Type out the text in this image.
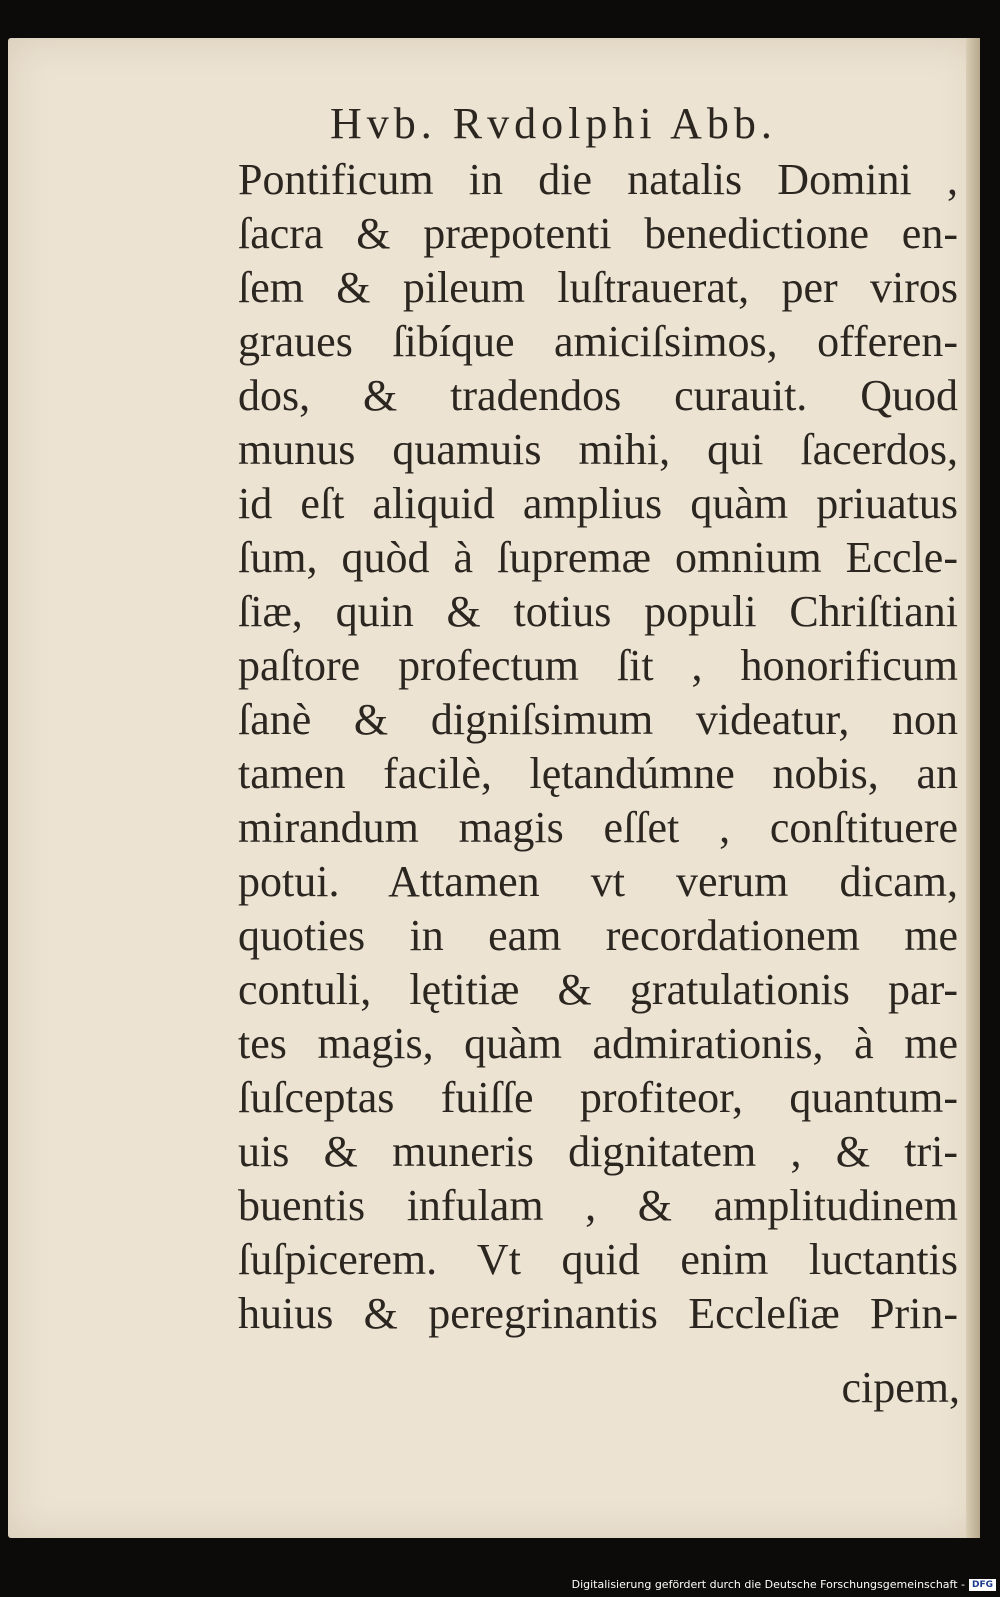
Hvb. Rvdolphi Abb.
Pontificum in die natalis Domini ,
ſacra & præpotenti benedictione en-
ſem & pileum luſtrauerat, per viros
graues ſibíque amiciſsimos, offeren-
dos, & tradendos curauit. Quod
munus quamuis mihi, qui ſacerdos,
id eſt aliquid amplius quàm priuatus
ſum, quòd à ſupremæ omnium Eccle-
ſiæ, quin & totius populi Chriſtiani
paſtore profectum ſit , honorificum
ſanè & digniſsimum videatur, non
tamen facilè, lętandúmne nobis, an
mirandum magis eſſet , conſtituere
potui. Attamen vt verum dicam,
quoties in eam recordationem me
contuli, lętitiæ & gratulationis par-
tes magis, quàm admirationis, à me
ſuſceptas fuiſſe profiteor, quantum-
uis & muneris dignitatem , & tri-
buentis infulam , & amplitudinem
ſuſpicerem. Vt quid enim luctantis
huius & peregrinantis Eccleſiæ Prin-
cipem,
Digitalisierung gefördert durch die Deutsche Forschungsgemeinschaft - DFG
